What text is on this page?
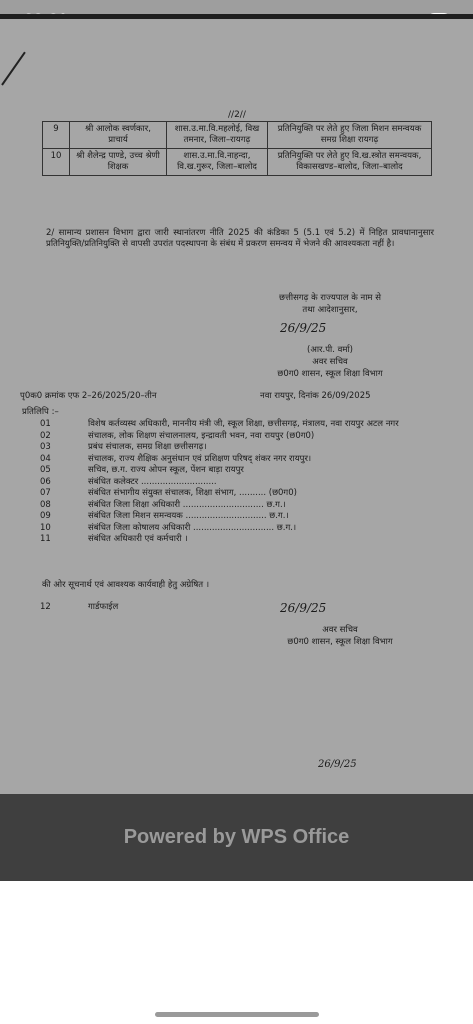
//2//
9	श्री आलोक स्वर्णकार, प्राचार्य	शास.उ.मा.वि.महलोई, विख तमनार, जिला–रायगढ़	प्रतिनियुक्ति पर लेते हुए जिला मिशन समन्वयक समग्र शिक्षा रायगढ़
10	श्री शैलेन्द्र पाण्डे, उच्च श्रेणी शिक्षक	शास.उ.मा.वि.नाहन्दा, वि.ख.गुरूर, जिला–बालोद	प्रतिनियुक्ति पर लेते हुए वि.ख.स्त्रोत समन्वयक, विकासखण्ड–बालोद, जिला–बालोद
2/ सामान्य प्रशासन विभाग द्वारा जारी स्थानांतरण नीति 2025 की कंडिका 5 (5.1 एवं 5.2) में निहित प्रावधानानुसार प्रतिनियुक्ति/प्रतिनियुक्ति से वापसी उपरांत पदस्थापना के संबंध में प्रकरण समन्वय में भेजने की आवश्यकता नहीं है।
छत्तीसगढ़ के राज्यपाल के नाम से
तथा आदेशानुसार,
26/9/25
(आर.पी. वर्मा)
अवर सचिव
छ0ग0 शासन, स्कूल शिक्षा विभाग
पृ0क0 क्रमांक एफ 2–26/2025/20–तीन	नवा रायपुर, दिनांक 26/09/2025
प्रतिलिपि :–
01	विशेष कर्तव्यस्थ अधिकारी, माननीय मंत्री जी, स्कूल शिक्षा, छत्तीसगढ़, मंत्रालय, नवा रायपुर अटल नगर
02	संचालक, लोक शिक्षण संचालनालय, इन्द्रावती भवन, नवा रायपुर (छ0ग0)
03	प्रबंध संचालक, समग्र शिक्षा छत्तीसगढ़।
04	संचालक, राज्य शैक्षिक अनुसंधान एवं प्रशिक्षण परिषद् शंकर नगर रायपुर।
05	सचिव, छ.ग. राज्य ओपन स्कूल, पेंशन बाड़ा रायपुर
06	संबंधित कलेक्टर ............................
07	संबंधित संभागीय संयुक्त संचालक, शिक्षा संभाग, .......... (छ0ग0)
08	संबंधित जिला शिक्षा अधिकारी .............................. छ.ग.।
09	संबंधित जिला मिशन समन्वयक .............................. छ.ग.।
10	संबंधित जिला कोषालय अधिकारी .............................. छ.ग.।
11	संबंधित अधिकारी एवं कर्मचारी ।
की ओर सूचनार्थ एवं आवश्यक कार्यवाही हेतु अग्रेषित ।
12	गार्डफाईल	26/9/25
अवर सचिव
छ0ग0 शासन, स्कूल शिक्षा विभाग
26/9/25
Powered by WPS Office
